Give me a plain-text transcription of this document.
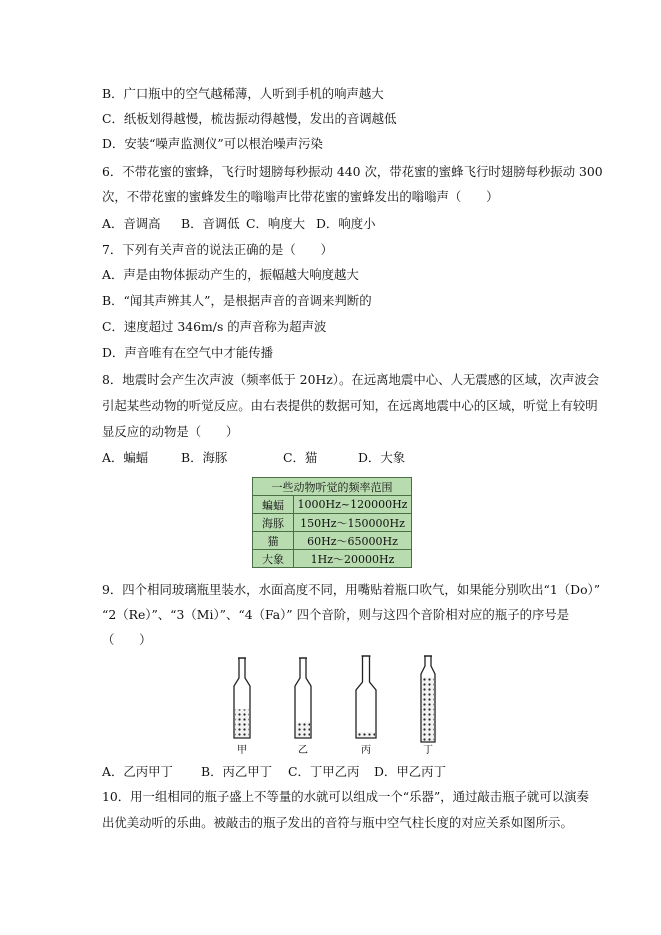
B．广口瓶中的空气越稀薄，人听到手机的响声越大
C．纸板划得越慢，梳齿振动得越慢，发出的音调越低
D．安装“噪声监测仪”可以根治噪声污染
6．不带花蜜的蜜蜂，飞行时翅膀每秒振动 440 次，带花蜜的蜜蜂飞行时翅膀每秒振动 300
次，不带花蜜的蜜蜂发生的嗡嗡声比带花蜜的蜜蜂发出的嗡嗡声（　　）
A．音调高 B．音调低 C．响度大 D．响度小
7．下列有关声音的说法正确的是（　　）
A．声是由物体振动产生的，振幅越大响度越大
B．“闻其声辨其人”，是根据声音的音调来判断的
C．速度超过 346m/s 的声音称为超声波
D．声音唯有在空气中才能传播
8．地震时会产生次声波（频率低于 20Hz）。在远离地震中心、人无震感的区域，次声波会
引起某些动物的听觉反应。由右表提供的数据可知，在远离地震中心的区域，听觉上有较明
显反应的动物是（　　）
A．蝙蝠	B．海豚	C．猫	D．大象
一些动物听觉的频率范围	
蝙蝠	1000Hz~120000Hz
海豚	150Hz～150000Hz
猫	60Hz～65000Hz
大象	1Hz～20000Hz
9．四个相同玻璃瓶里装水，水面高度不同，用嘴贴着瓶口吹气，如果能分别吹出“1（Do）”
“2（Re）”、“3（Mi）”、“4（Fa）” 四个音阶，则与这四个音阶相对应的瓶子的序号是
（　　）
甲	乙	丙	丁
A．乙丙甲丁 B．丙乙甲丁 C．丁甲乙丙 D．甲乙丙丁
10．用一组相同的瓶子盛上不等量的水就可以组成一个“乐器”，通过敲击瓶子就可以演奏
出优美动听的乐曲。被敲击的瓶子发出的音符与瓶中空气柱长度的对应关系如图所示。
